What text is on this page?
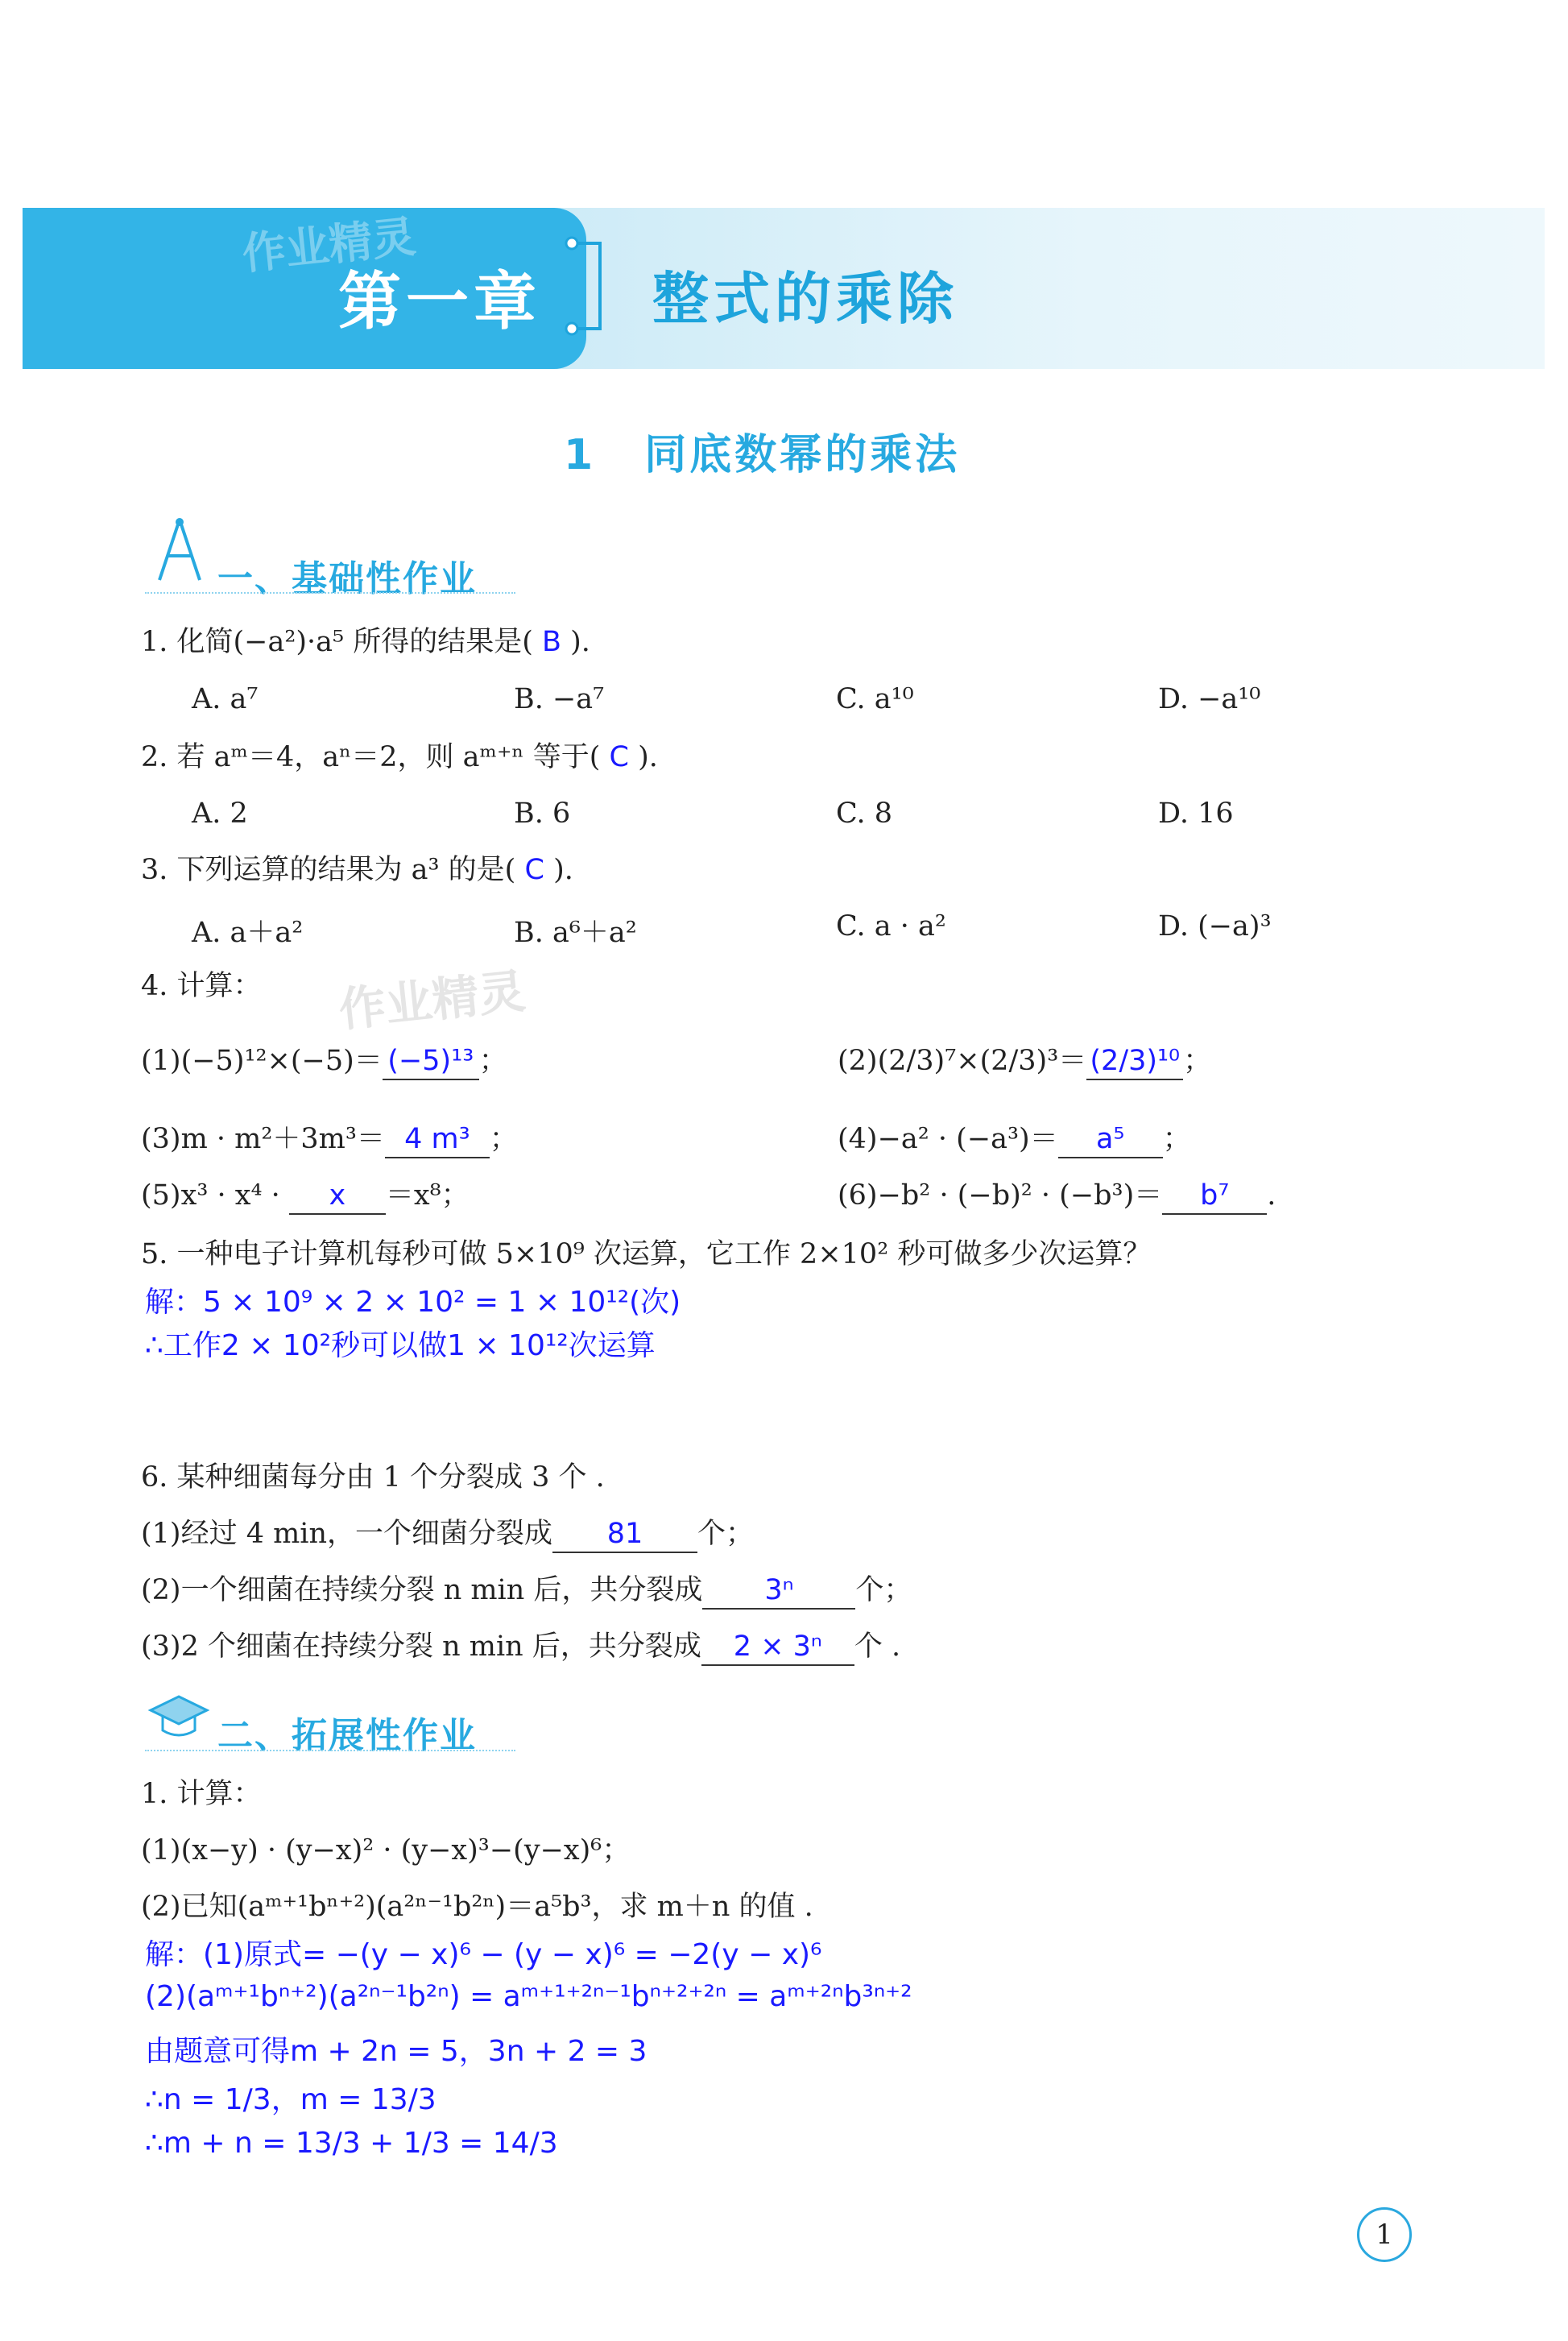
作业精灵
第一章 整式的乘除
1 同底数幂的乘法
一、基础性作业
1. 化简(−a²)·a⁵ 所得的结果是( B ).
A. a⁷	B. −a⁷	C. a¹⁰	D. −a¹⁰
2. 若 aᵐ＝4，aⁿ＝2，则 aᵐ⁺ⁿ 等于( C ).
A. 2	B. 6	C. 8	D. 16
3. 下列运算的结果为 a³ 的是( C ).
A. a＋a²	B. a⁶＋a²	C. a · a²	D. (−a)³
4. 计算： 作业精灵
(1)(−5)¹²×(−5)＝ (−5)¹³ ；	(2)(2/3)⁷×(2/3)³＝ (2/3)¹⁰ ；
(3)m · m²＋3m³＝ 4 m³ ；	(4)−a² · (−a³)＝ a⁵ ；
(5)x³ · x⁴ · x ＝x⁸；	(6)−b² · (−b)² · (−b³)＝ b⁷ .
5. 一种电子计算机每秒可做 5×10⁹ 次运算，它工作 2×10² 秒可做多少次运算？
解：5 × 10⁹ × 2 × 10² = 1 × 10¹²(次)
∴工作2 × 10²秒可以做1 × 10¹²次运算
6. 某种细菌每分由 1 个分裂成 3 个 .
(1)经过 4 min，一个细菌分裂成 81 个；
(2)一个细菌在持续分裂 n min 后，共分裂成 3ⁿ 个；
(3)2 个细菌在持续分裂 n min 后，共分裂成 2 × 3ⁿ 个 .
二、拓展性作业
1. 计算：
(1)(x−y) · (y−x)² · (y−x)³−(y−x)⁶；
(2)已知(aᵐ⁺¹bⁿ⁺²)(a²ⁿ⁻¹b²ⁿ)＝a⁵b³，求 m＋n 的值 .
解：(1)原式= −(y − x)⁶ − (y − x)⁶ = −2(y − x)⁶
(2)(aᵐ⁺¹bⁿ⁺²)(a²ⁿ⁻¹b²ⁿ) = aᵐ⁺¹⁺²ⁿ⁻¹bⁿ⁺²⁺²ⁿ = aᵐ⁺²ⁿb³ⁿ⁺²
由题意可得m + 2n = 5，3n + 2 = 3
∴n = 1/3，m = 13/3
∴m + n = 13/3 + 1/3 = 14/3
1
